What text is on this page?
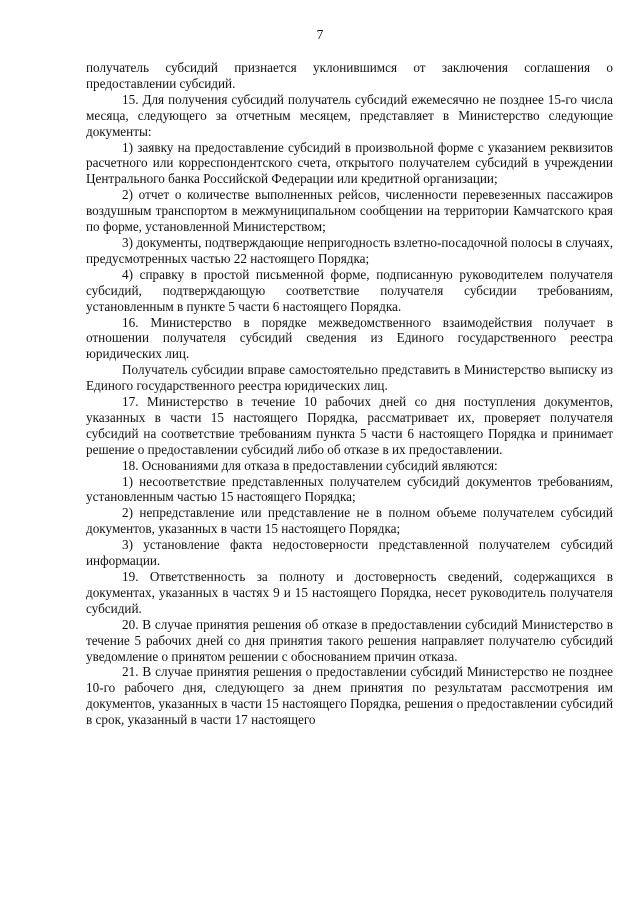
7

получатель субсидий признается уклонившимся от заключения соглашения о предоставлении субсидий.

15. Для получения субсидий получатель субсидий ежемесячно не позднее 15-го числа месяца, следующего за отчетным месяцем, представляет в Министерство следующие документы:

1) заявку на предоставление субсидий в произвольной форме с указанием реквизитов расчетного или корреспондентского счета, открытого получателем субсидий в учреждении Центрального банка Российской Федерации или кредитной организации;

2) отчет о количестве выполненных рейсов, численности перевезенных пассажиров воздушным транспортом в межмуниципальном сообщении на территории Камчатского края по форме, установленной Министерством;

3) документы, подтверждающие непригодность взлетно-посадочной полосы в случаях, предусмотренных частью 22 настоящего Порядка;

4) справку в простой письменной форме, подписанную руководителем получателя субсидий, подтверждающую соответствие получателя субсидии требованиям, установленным в пункте 5 части 6 настоящего Порядка.

16. Министерство в порядке межведомственного взаимодействия получает в отношении получателя субсидий сведения из Единого государственного реестра юридических лиц.

Получатель субсидии вправе самостоятельно представить в Министерство выписку из Единого государственного реестра юридических лиц.

17. Министерство в течение 10 рабочих дней со дня поступления документов, указанных в части 15 настоящего Порядка, рассматривает их, проверяет получателя субсидий на соответствие требованиям пункта 5 части 6 настоящего Порядка и принимает решение о предоставлении субсидий либо об отказе в их предоставлении.

18. Основаниями для отказа в предоставлении субсидий являются:

1) несоответствие представленных получателем субсидий документов требованиям, установленным частью 15 настоящего Порядка;

2) непредставление или представление не в полном объеме получателем субсидий документов, указанных в части 15 настоящего Порядка;

3) установление факта недостоверности представленной получателем субсидий информации.

19. Ответственность за полноту и достоверность сведений, содержащихся в документах, указанных в частях 9 и 15 настоящего Порядка, несет руководитель получателя субсидий.

20. В случае принятия решения об отказе в предоставлении субсидий Министерство в течение 5 рабочих дней со дня принятия такого решения направляет получателю субсидий уведомление о принятом решении с обоснованием причин отказа.

21. В случае принятия решения о предоставлении субсидий Министерство не позднее 10-го рабочего дня, следующего за днем принятия по результатам рассмотрения им документов, указанных в части 15 настоящего Порядка, решения о предоставлении субсидий в срок, указанный в части 17 настоящего
